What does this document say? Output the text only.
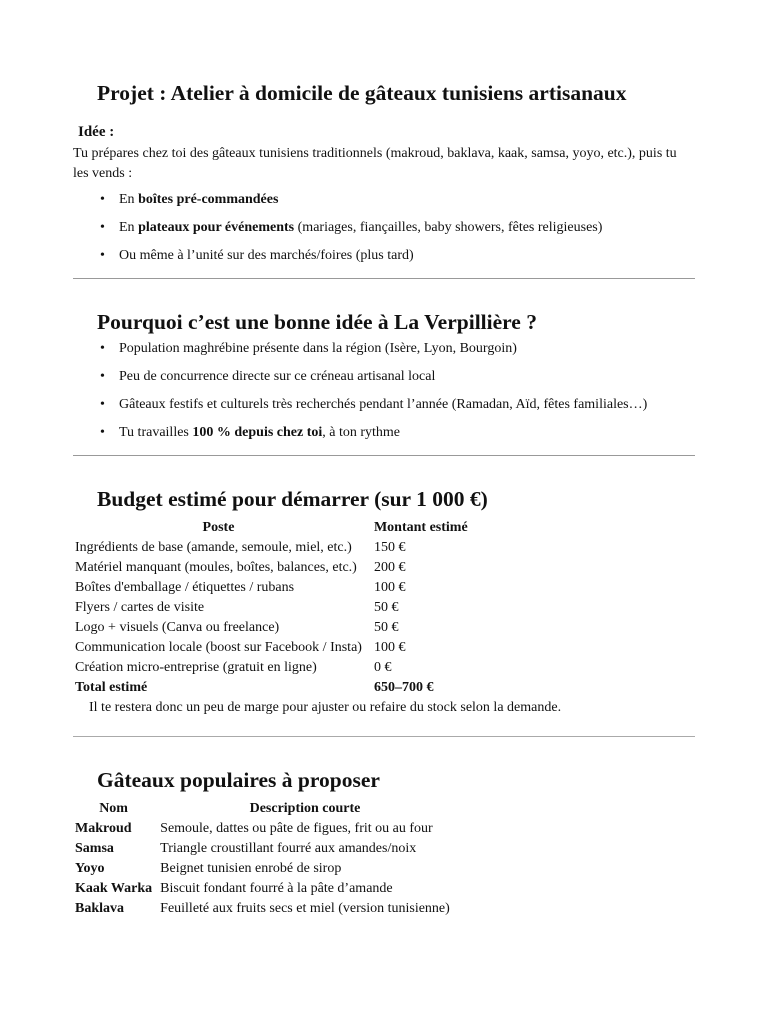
Projet : Atelier à domicile de gâteaux tunisiens artisanaux
Idée :

Tu prépares chez toi des gâteaux tunisiens traditionnels (makroud, baklava, kaak, samsa, yoyo, etc.), puis tu les vends :

• En boîtes pré-commandées
• En plateaux pour événements (mariages, fiançailles, baby showers, fêtes religieuses)
• Ou même à l’unité sur des marchés/foires (plus tard)
Pourquoi c’est une bonne idée à La Verpillière ?
• Population maghrébine présente dans la région (Isère, Lyon, Bourgoin)
• Peu de concurrence directe sur ce créneau artisanal local
• Gâteaux festifs et culturels très recherchés pendant l’année (Ramadan, Aïd, fêtes familiales…)
• Tu travailles 100 % depuis chez toi, à ton rythme
Budget estimé pour démarrer (sur 1 000 €)
Poste	Montant estimé
Ingrédients de base (amande, semoule, miel, etc.)	150 €
Matériel manquant (moules, boîtes, balances, etc.)	200 €
Boîtes d'emballage / étiquettes / rubans	100 €
Flyers / cartes de visite	50 €
Logo + visuels (Canva ou freelance)	50 €
Communication locale (boost sur Facebook / Insta)	100 €
Création micro-entreprise (gratuit en ligne)	0 €
Total estimé	650–700 €

Il te restera donc un peu de marge pour ajuster ou refaire du stock selon la demande.

Gâteaux populaires à proposer
Nom	Description courte
Makroud	Semoule, dattes ou pâte de figues, frit ou au four
Samsa	Triangle croustillant fourré aux amandes/noix
Yoyo	Beignet tunisien enrobé de sirop
Kaak Warka	Biscuit fondant fourré à la pâte d’amande
Baklava	Feuilleté aux fruits secs et miel (version tunisienne)
